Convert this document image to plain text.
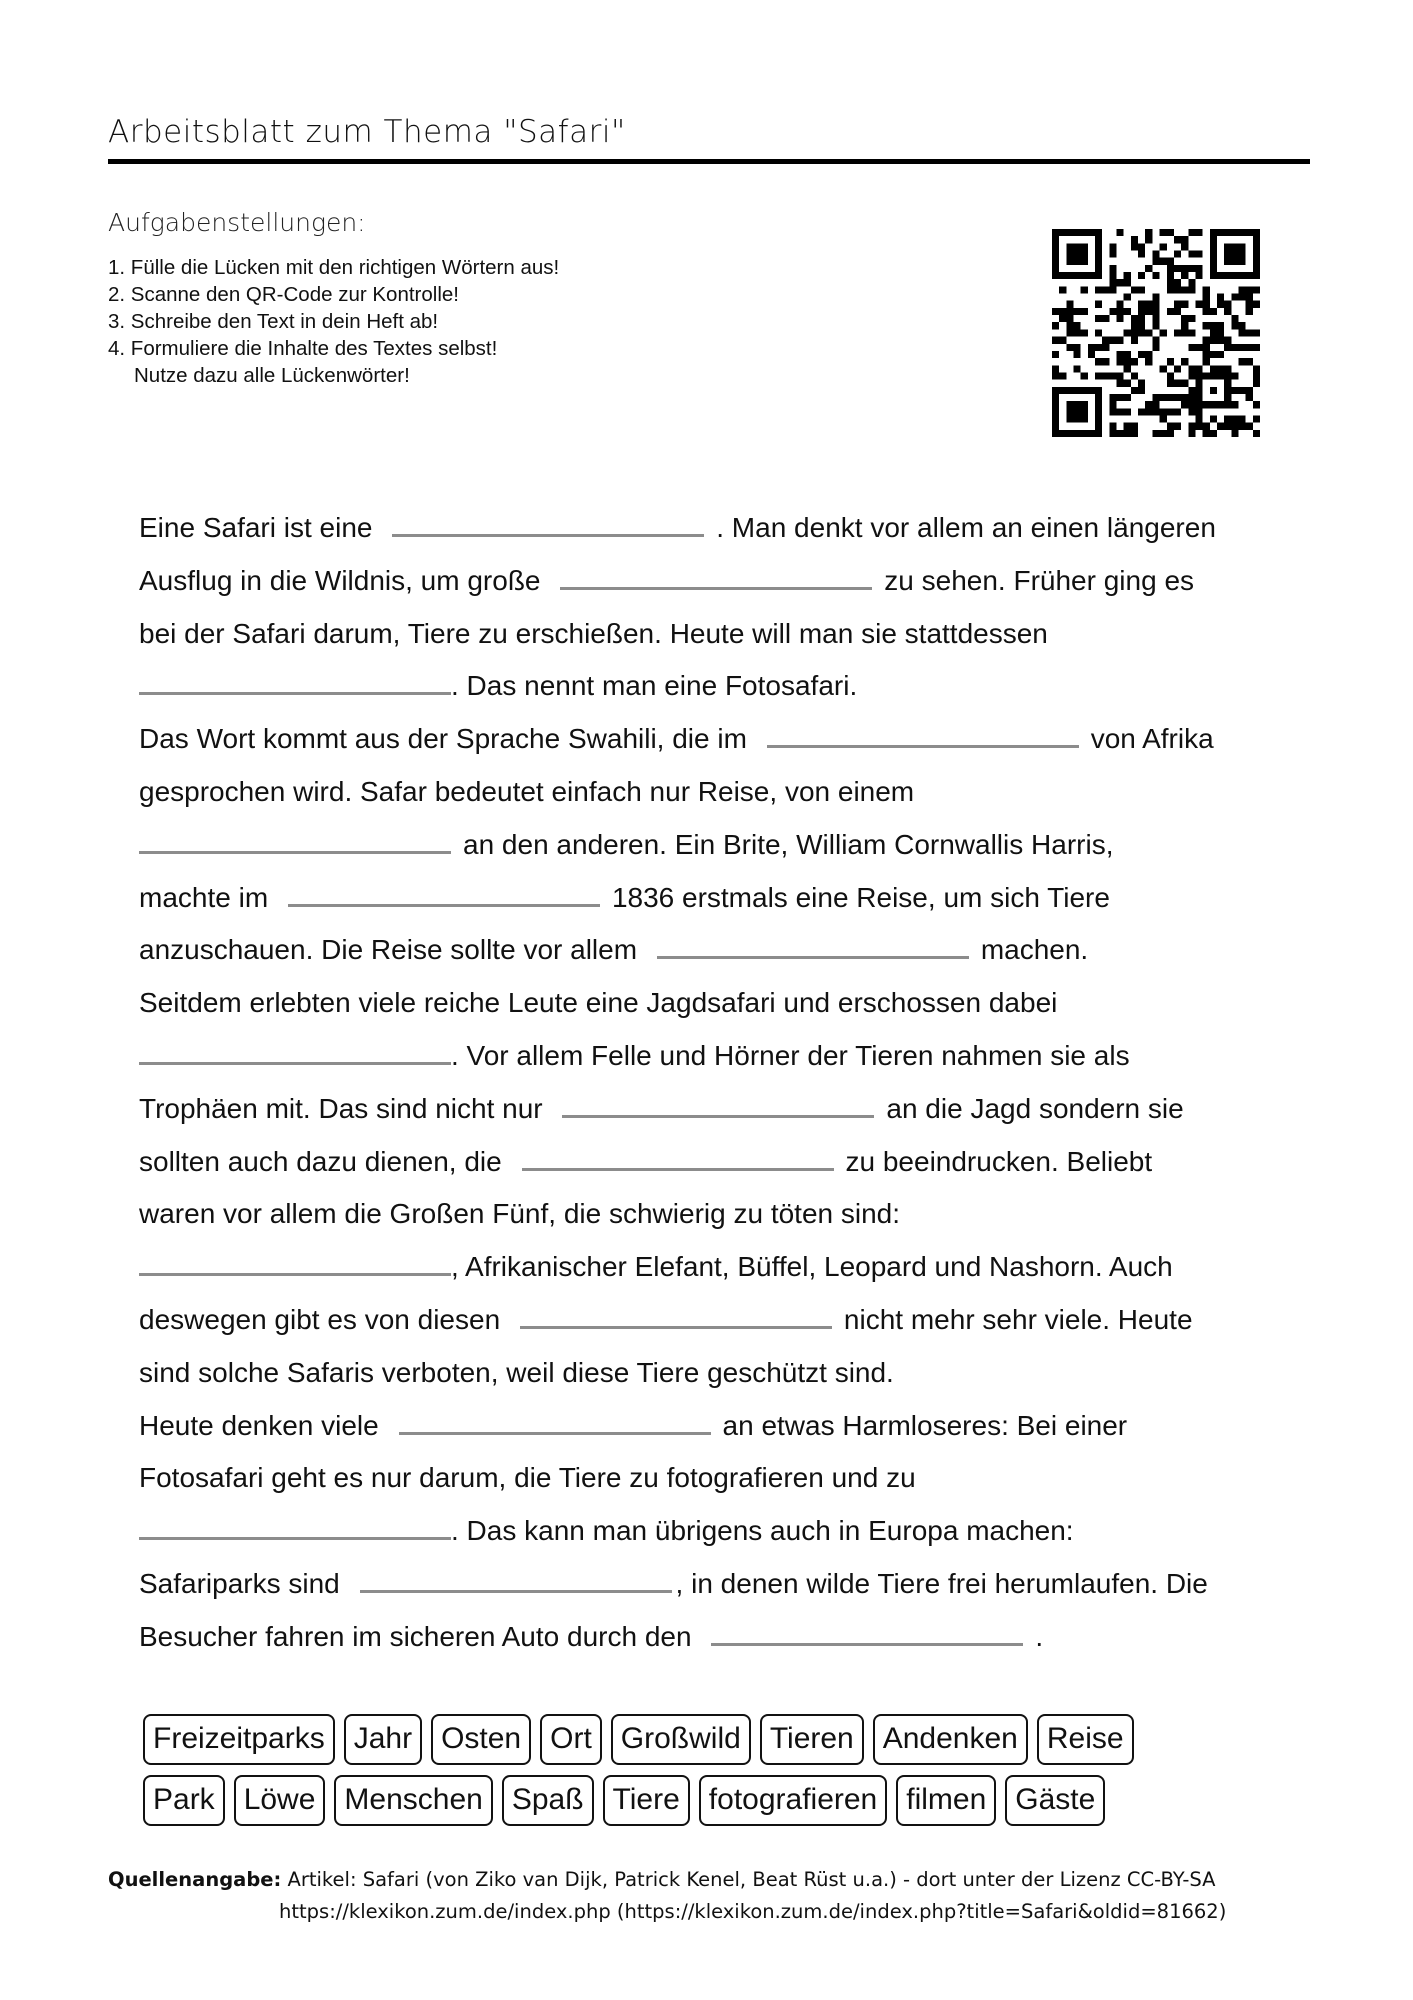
Arbeitsblatt zum Thema "Safari"
Aufgabenstellungen:
1. Fülle die Lücken mit den richtigen Wörtern aus!
2. Scanne den QR-Code zur Kontrolle!
3. Schreibe den Text in dein Heft ab!
4. Formuliere die Inhalte des Textes selbst!
Nutze dazu alle Lückenwörter!
Eine Safari ist eine	. Man denkt vor allem an einen längeren
Ausflug in die Wildnis, um große	zu sehen. Früher ging es
bei der Safari darum, Tiere zu erschießen. Heute will man sie stattdessen
. Das nennt man eine Fotosafari.
Das Wort kommt aus der Sprache Swahili, die im	von Afrika
gesprochen wird. Safar bedeutet einfach nur Reise, von einem
an den anderen. Ein Brite, William Cornwallis Harris,
machte im	1836 erstmals eine Reise, um sich Tiere
anzuschauen. Die Reise sollte vor allem	machen.
Seitdem erlebten viele reiche Leute eine Jagdsafari und erschossen dabei
. Vor allem Felle und Hörner der Tieren nahmen sie als
Trophäen mit. Das sind nicht nur	an die Jagd sondern sie
sollten auch dazu dienen, die	zu beeindrucken. Beliebt
waren vor allem die Großen Fünf, die schwierig zu töten sind:
, Afrikanischer Elefant, Büffel, Leopard und Nashorn. Auch
deswegen gibt es von diesen	nicht mehr sehr viele. Heute
sind solche Safaris verboten, weil diese Tiere geschützt sind.
Heute denken viele	an etwas Harmloseres: Bei einer
Fotosafari geht es nur darum, die Tiere zu fotografieren und zu
. Das kann man übrigens auch in Europa machen:
Safariparks sind	, in denen wilde Tiere frei herumlaufen. Die
Besucher fahren im sicheren Auto durch den	.
Freizeitparks Jahr Osten Ort Großwild Tieren Andenken Reise
Park Löwe Menschen Spaß Tiere fotografieren filmen Gäste
Quellenangabe: Artikel: Safari (von Ziko van Dijk, Patrick Kenel, Beat Rüst u.a.) - dort unter der Lizenz CC-BY-SA
https://klexikon.zum.de/index.php (https://klexikon.zum.de/index.php?title=Safari&oldid=81662)
